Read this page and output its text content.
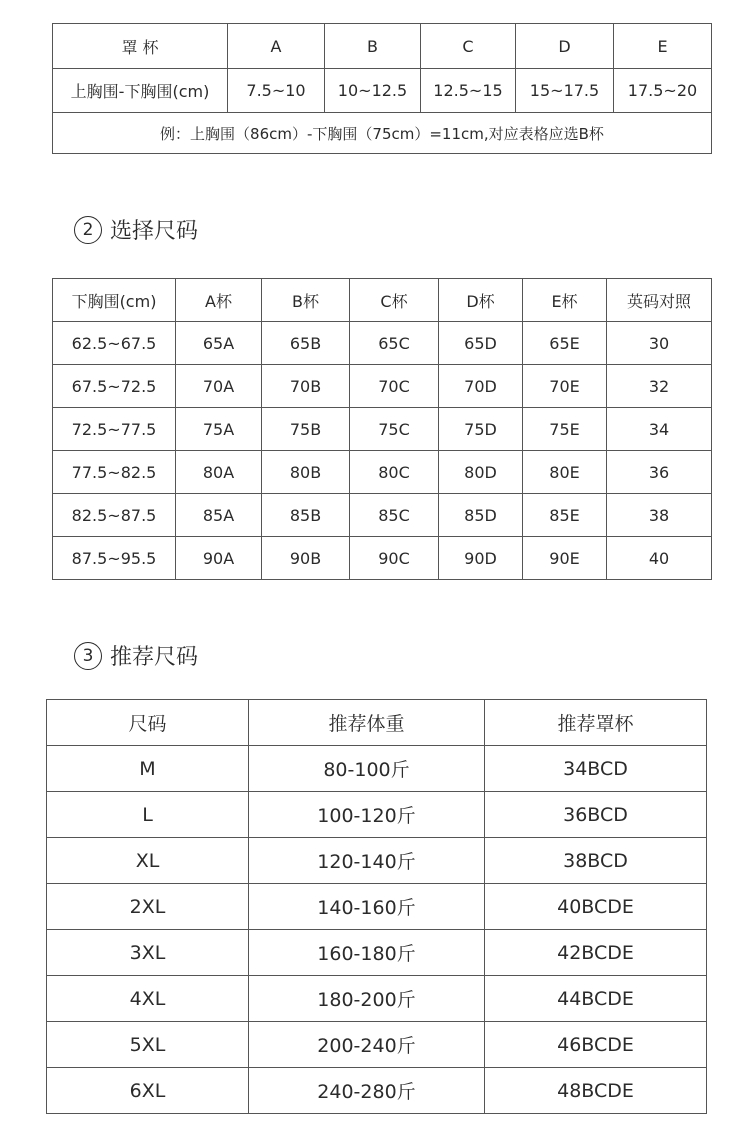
罩 杯	A	B	C	D	E
上胸围-下胸围(cm)	7.5~10	10~12.5	12.5~15	15~17.5	17.5~20
例：上胸围（86cm）-下胸围（75cm）=11cm,对应表格应选B杯					
2 选择尺码
下胸围(cm)	A杯	B杯	C杯	D杯	E杯	英码对照
62.5~67.5	65A	65B	65C	65D	65E	30
67.5~72.5	70A	70B	70C	70D	70E	32
72.5~77.5	75A	75B	75C	75D	75E	34
77.5~82.5	80A	80B	80C	80D	80E	36
82.5~87.5	85A	85B	85C	85D	85E	38
87.5~95.5	90A	90B	90C	90D	90E	40
3 推荐尺码
尺码	推荐体重	推荐罩杯
M	80-100斤	34BCD
L	100-120斤	36BCD
XL	120-140斤	38BCD
2XL	140-160斤	40BCDE
3XL	160-180斤	42BCDE
4XL	180-200斤	44BCDE
5XL	200-240斤	46BCDE
6XL	240-280斤	48BCDE
